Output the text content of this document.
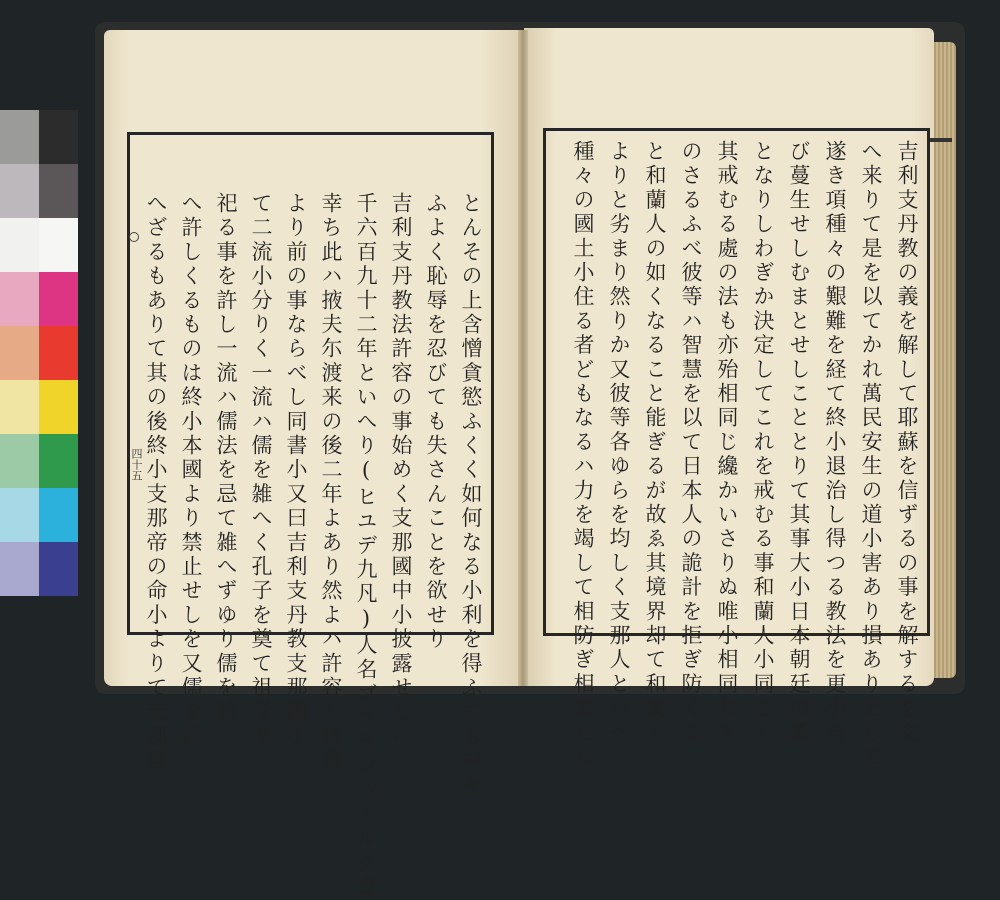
四十五	とんその上含憎貪慾ふくく如何なる小利を得ふても中々
ふよく恥辱を忍びても失さんことを欲せり
吉利支丹教法許容の事始めく支那國中小披露せしハ
千六百九十二年といへり(ヒユデ九凡)人名ゴウラシットルク書
幸ち此ハ掖夫尓渡来の後二年よあり然よハ許容ハ披露
より前の事ならべし同書小又曰吉利支丹教支那國小
て二流小分りく一流ハ儒を雑へく孔子を奠て祖考を
祀る事を許し一流ハ儒法を忌て雑へずゆり儒を雑
へ許しくるものは終小本國より禁止せしを又儒を雑
へざるもありて其の後終小支那帝の命小よりて支那國	吉利支丹教の義を解して耶蘇を信ずるの事を解するを交
へ来りて是を以てかれ萬民安生の道小害あり損ありとして
遂き項種々の艱難を経て終小退治し得つる教法を更小再
び蔓生せしむまとせしこととりて其事大小日本朝廷の憂
となりしわぎか決定してこれを戒むる事和蘭人小同じく
其戒むる處の法も亦殆相同じ纔かいさりぬ唯小相同じき
のさるふべ彼等ハ智慧を以て日本人の詭計を拒ぎ防くこ
と和蘭人の如くなること能ぎるが故ゑ其境界却て和蘭人
よりと劣まり然りか又彼等各ゆらを均しく支那人といへ
種々の國土小住る者どもなるハ力を竭して相防ぎ相害せん
